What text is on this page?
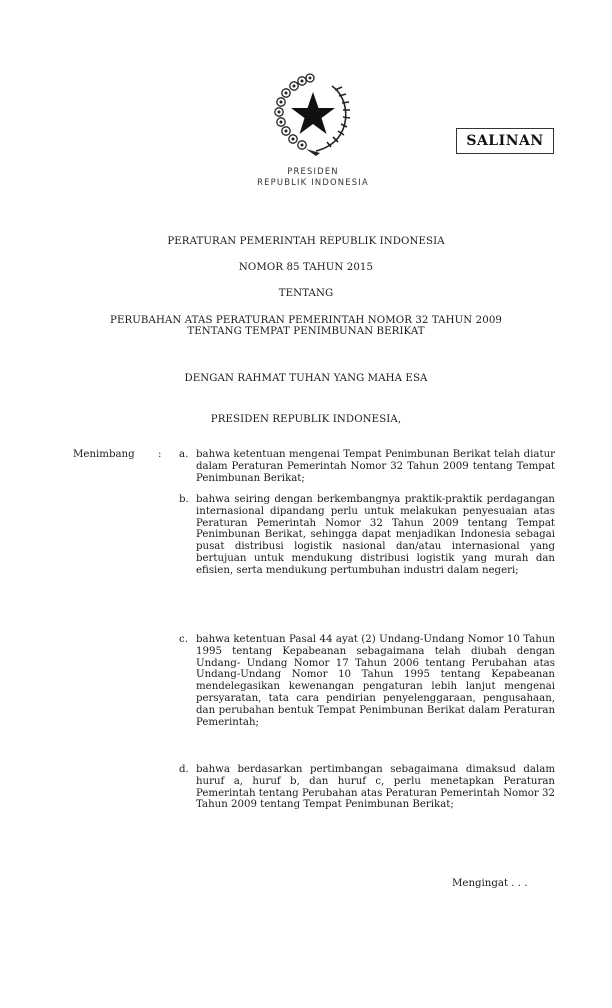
PRESIDEN
REPUBLIK INDONESIA
SALINAN
PERATURAN PEMERINTAH REPUBLIK INDONESIA
NOMOR 85 TAHUN 2015
TENTANG
PERUBAHAN ATAS PERATURAN PEMERINTAH NOMOR 32 TAHUN 2009
TENTANG TEMPAT PENIMBUNAN BERIKAT
DENGAN RAHMAT TUHAN YANG MAHA ESA
PRESIDEN REPUBLIK INDONESIA,
Menimbang : a. bahwa ketentuan mengenai Tempat Penimbunan Berikat telah diatur dalam Peraturan Pemerintah Nomor 32 Tahun 2009 tentang Tempat Penimbunan Berikat;
b. bahwa seiring dengan berkembangnya praktik-praktik perdagangan internasional dipandang perlu untuk melakukan penyesuaian atas Peraturan Pemerintah Nomor 32 Tahun 2009 tentang Tempat Penimbunan Berikat, sehingga dapat menjadikan Indonesia sebagai pusat distribusi logistik nasional dan/atau internasional yang bertujuan untuk mendukung distribusi logistik yang murah dan efisien, serta mendukung pertumbuhan industri dalam negeri;
c. bahwa ketentuan Pasal 44 ayat (2) Undang-Undang Nomor 10 Tahun 1995 tentang Kepabeanan sebagaimana telah diubah dengan Undang- Undang Nomor 17 Tahun 2006 tentang Perubahan atas Undang-Undang Nomor 10 Tahun 1995 tentang Kepabeanan mendelegasikan kewenangan pengaturan lebih lanjut mengenai persyaratan, tata cara pendirian penyelenggaraan, pengusahaan, dan perubahan bentuk Tempat Penimbunan Berikat dalam Peraturan Pemerintah;
d. bahwa berdasarkan pertimbangan sebagaimana dimaksud dalam huruf a, huruf b, dan huruf c, perlu menetapkan Peraturan Pemerintah tentang Perubahan atas Peraturan Pemerintah Nomor 32 Tahun 2009 tentang Tempat Penimbunan Berikat;
Mengingat . . .
